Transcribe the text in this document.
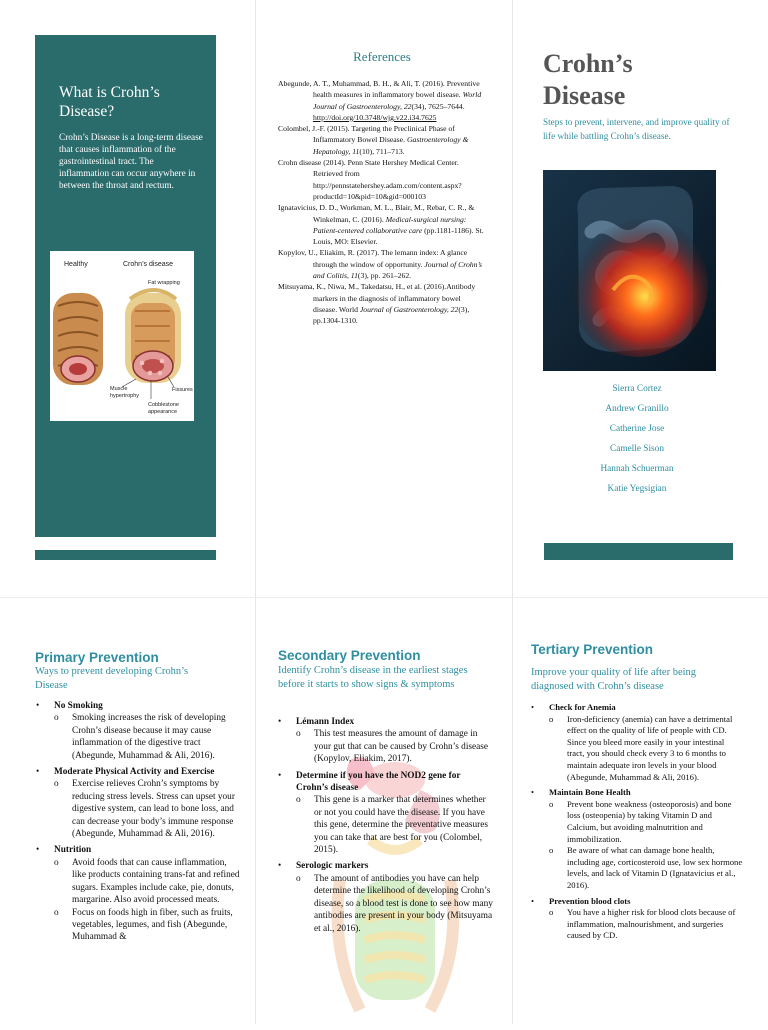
What is Crohn’s Disease?

Crohn’s Disease is a long-term disease that causes inflammation of the gastrointestinal tract. The inflammation can occur anywhere in between the throat and rectum.

Healthy	Crohn’s disease
Fat wrapping
Muscle hypertrophy
Fissures
Cobblestone appearance
References

Abegunde, A. T., Muhammad, B. H., & Ali, T. (2016). Preventive health measures in inflammatory bowel disease. World Journal of Gastroenterology, 22(34), 7625–7644. http://doi.org/10.3748/wjg.v22.i34.7625

Colombel, J.-F. (2015). Targeting the Preclinical Phase of Inflammatory Bowel Disease. Gastroenterology & Hepatology, 11(10), 711–713.

Crohn disease (2014). Penn State Hershey Medical Center. Retrieved from http://pennstatehershey.adam.com/content.aspx?productId=10&pid=10&gid=000103

Ignatavicius, D. D., Workman, M. L., Blair, M., Rebar, C. R., & Winkelman, C. (2016). Medical-surgical nursing: Patient-centered collaborative care (pp.1181-1186). St. Louis, MO: Elsevier.

Kopylov, U., Eliakim, R. (2017). The lemann index: A glance through the window of opportunity. Journal of Crohn’s and Colitis, 11(3), pp. 261–262.

Mitsuyama, K., Niwa, M., Takedatsu, H., et al. (2016).Antibody markers in the diagnosis of inflammatory bowel disease. World Journal of Gastroenterology, 22(3), pp.1304-1310.

Crohn’s
Disease

Steps to prevent, intervene, and improve quality of life while battling Crohn’s disease.

Sierra Cortez

Andrew Granillo

Catherine Jose

Camelle Sison

Hannah Schuerman

Katie Yegsigian

Primary Prevention

Ways to prevent developing Crohn’s Disease

• No Smoking
o Smoking increases the risk of developing Crohn’s disease because it may cause inflammation of the digestive tract (Abegunde, Muhammad & Ali, 2016).
• Moderate Physical Activity and Exercise
o Exercise relieves Crohn’s symptoms by reducing stress levels. Stress can upset your digestive system, can lead to bone loss, and can decrease your body’s immune response (Abegunde, Muhammad & Ali, 2016).
• Nutrition
o Avoid foods that can cause inflammation, like products containing trans-fat and refined sugars. Examples include cake, pie, donuts, margarine. Also avoid processed meats.
o Focus on foods high in fiber, such as fruits, vegetables, legumes, and fish (Abegunde, Muhammad &
Secondary Prevention

Identify Crohn’s disease in the earliest stages before it starts to show signs & symptoms

• Lémann Index
o This test measures the amount of damage in your gut that can be caused by Crohn’s disease (Kopylov, Eliakim, 2017).
• Determine if you have the NOD2 gene for Crohn’s disease
o This gene is a marker that determines whether or not you could have the disease. If you have this gene, determine the preventative measures you can take that are best for you (Colombel, 2015).
• Serologic markers
o The amount of antibodies you have can help determine the likelihood of developing Crohn’s disease, so a blood test is done to see how many antibodies are present in your body (Mitsuyama et al., 2016).
Tertiary Prevention

Improve your quality of life after being diagnosed with Crohn’s disease

• Check for Anemia
o Iron-deficiency (anemia) can have a detrimental effect on the quality of life of people with CD. Since you bleed more easily in your intestinal tract, you should check every 3 to 6 months to maintain adequate iron levels in your blood (Abegunde, Muhammad & Ali, 2016).
• Maintain Bone Health
o Prevent bone weakness (osteoporosis) and bone loss (osteopenia) by taking Vitamin D and Calcium, but avoiding malnutrition and immobilization.
o Be aware of what can damage bone health, including age, corticosteroid use, low sex hormone levels, and lack of Vitamin D (Ignatavicius et al., 2016).
• Prevention blood clots
o You have a higher risk for blood clots because of inflammation, malnourishment, and surgeries caused by CD.
